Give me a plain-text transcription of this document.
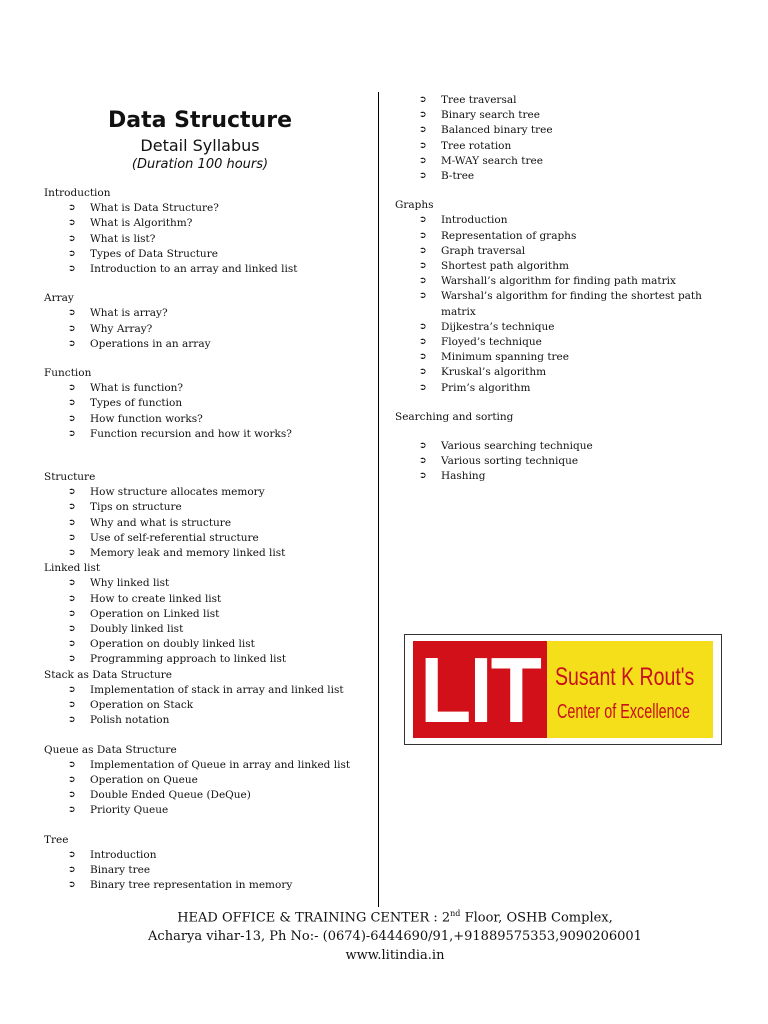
Data Structure
Detail Syllabus
(Duration 100 hours)
Introduction
➲ What is Data Structure?
➲ What is Algorithm?
➲ What is list?
➲ Types of Data Structure
➲ Introduction to an array and linked list
Array
➲ What is array?
➲ Why Array?
➲ Operations in an array
Function
➲ What is function?
➲ Types of function
➲ How function works?
➲ Function recursion and how it works?
Structure
➲ How structure allocates memory
➲ Tips on structure
➲ Why and what is structure
➲ Use of self-referential structure
➲ Memory leak and memory linked list
Linked list
➲ Why linked list
➲ How to create linked list
➲ Operation on Linked list
➲ Doubly linked list
➲ Operation on doubly linked list
➲ Programming approach to linked list
Stack as Data Structure
➲ Implementation of stack in array and linked list
➲ Operation on Stack
➲ Polish notation
Queue as Data Structure
➲ Implementation of Queue in array and linked list
➲ Operation on Queue
➲ Double Ended Queue (DeQue)
➲ Priority Queue
Tree
➲ Introduction
➲ Binary tree
➲ Binary tree representation in memory
➲ Tree traversal
➲ Binary search tree
➲ Balanced binary tree
➲ Tree rotation
➲ M-WAY search tree
➲ B-tree
Graphs
➲ Introduction
➲ Representation of graphs
➲ Graph traversal
➲ Shortest path algorithm
➲ Warshall’s algorithm for finding path matrix
➲ Warshal’s algorithm for finding the shortest path matrix
➲ Dijkestra’s technique
➲ Floyed’s technique
➲ Minimum spanning tree
➲ Kruskal’s algorithm
➲ Prim’s algorithm
Searching and sorting
➲ Various searching technique
➲ Various sorting technique
➲ Hashing
LIT Susant K Rout's
Center of Excellence
HEAD OFFICE & TRAINING CENTER : 2nd Floor, OSHB Complex,
Acharya vihar-13, Ph No:- (0674)-6444690/91,+91889575353,9090206001
www.litindia.in
